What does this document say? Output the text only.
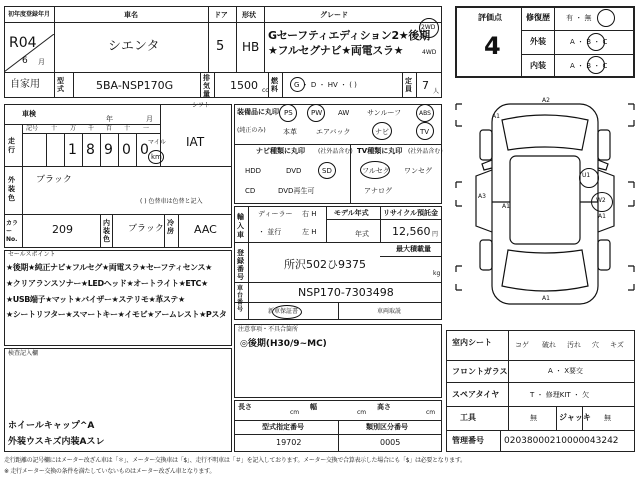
初年度登録年月
R04
6 月
車名
シエンタ
ドア
5
形状
HB
グレード
Gセーフティエディション2★後期
★フルセグナビ★両電スラ★
2WD
4WD
自家用 型式	5BA-NSP170G
排気量
1500 cc
燃料	G ・ D ・ HV ・ ( )	定員 7 人
評価点
4
修復歴 有 ・ 無
外装	A ・ B ・ C
内装	A ・ B ・ C
車検
年	月
シフト
IAT
走行
記号 十 万 千 百 十 一
1 8 9 0 0 マイル
km
外装色
ブラック
( ) 色替車は色替と記入
カラーNo.
209	内装色
ブラック
冷房 AAC
装備品に丸印
(純正のみ)
PS	PW AW	サンルーフ	ABS
本革	エアバック	ナビ	TV
ナビ種類に丸印 (社外品含む)
HDD	DVD	SD
CD	DVD再生可
TV種類に丸印 (社外品含む)
フルセグ ワンセグ
アナログ
輸入車
ディーラー
・ 並行
右 H
左 H
モデル年式
年式
リサイクル預託金
12,560 円
最大積載量
kg
登録番号
所沢502ひ9375
車台番号
NSP170-7303498
新車保証書	車両取説
セールスポイント
★後期★純正ナビ★フルセグ★両電スラ★セーフティセンス★
★クリアランスソナー★LEDヘッド★オートライト★ETC★
★USB端子★マット★バイザー★ステリモ★革ステ★
★シートリフター★スマートキー★イモビ★アームレスト★Pスタ
注意事項・不具合箇所
◎後期(H30/9~MC)
検査記入欄
ホイールキャップ^A
外装ウスキズ内装Aスレ
長さ
cm
幅
cm
高さ
cm
型式指定番号
19702
類別区分番号
0005
A2
A1
U1
A3
A1
W2
A1
A1
室内シート	コゲ 破れ 汚れ 穴 キズ
フロントガラス	A ・ X要交
スペアタイヤ	T ・ 修理KIT ・ 欠
工具	無	ジャッキ 無
管理番号 02038000210000043242
走行距離の記号欄にはメーター改ざん車は「＊」、メーター交換車は「$」、走行不明車は「＃」を記入しております。メーター交換で合算表示した場合にも「$」は必要となります。
※ 走行メーター交換の条件を満たしていないものはメーター改ざん車となります。
